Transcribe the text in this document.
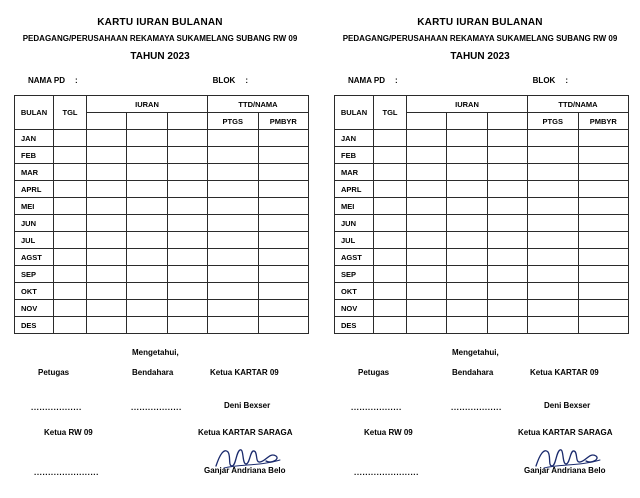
KARTU IURAN BULANAN
PEDAGANG/PERUSAHAAN REKAMAYA SUKAMELANG SUBANG RW 09
TAHUN 2023
NAMA PD :	BLOK :
BULAN	TGL	IURAN			TTD/NAMA	
					PTGS	PMBYR
JAN						
FEB						
MAR						
APRL						
MEI						
JUN						
JUL						
AGST						
SEP						
OKT						
NOV						
DES						
Mengetahui,
Petugas	Bendahara	Ketua KARTAR 09
..................	..................	Deni Bexser
Ketua RW 09	Ketua KARTAR SARAGA
.......................	Ganjar Andriana Belo
KARTU IURAN BULANAN
PEDAGANG/PERUSAHAAN REKAMAYA SUKAMELANG SUBANG RW 09
TAHUN 2023
NAMA PD :	BLOK :
BULAN	TGL	IURAN			TTD/NAMA	
					PTGS	PMBYR
JAN						
FEB						
MAR						
APRL						
MEI						
JUN						
JUL						
AGST						
SEP						
OKT						
NOV						
DES						
Mengetahui,
Petugas	Bendahara	Ketua KARTAR 09
..................	..................	Deni Bexser
Ketua RW 09	Ketua KARTAR SARAGA
.......................	Ganjar Andriana Belo
